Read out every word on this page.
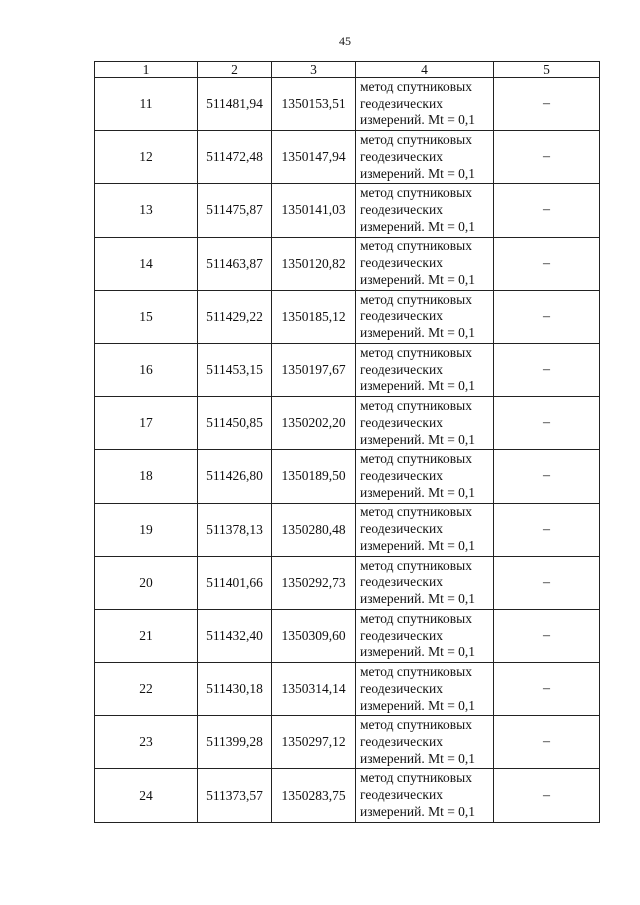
45
1	2	3	4	5
11	511481,94	1350153,51	метод спутниковых
геодезических
измерений. Mt = 0,1	–
12	511472,48	1350147,94	метод спутниковых
геодезических
измерений. Mt = 0,1	–
13	511475,87	1350141,03	метод спутниковых
геодезических
измерений. Mt = 0,1	–
14	511463,87	1350120,82	метод спутниковых
геодезических
измерений. Mt = 0,1	–
15	511429,22	1350185,12	метод спутниковых
геодезических
измерений. Mt = 0,1	–
16	511453,15	1350197,67	метод спутниковых
геодезических
измерений. Mt = 0,1	–
17	511450,85	1350202,20	метод спутниковых
геодезических
измерений. Mt = 0,1	–
18	511426,80	1350189,50	метод спутниковых
геодезических
измерений. Mt = 0,1	–
19	511378,13	1350280,48	метод спутниковых
геодезических
измерений. Mt = 0,1	–
20	511401,66	1350292,73	метод спутниковых
геодезических
измерений. Mt = 0,1	–
21	511432,40	1350309,60	метод спутниковых
геодезических
измерений. Mt = 0,1	–
22	511430,18	1350314,14	метод спутниковых
геодезических
измерений. Mt = 0,1	–
23	511399,28	1350297,12	метод спутниковых
геодезических
измерений. Mt = 0,1	–
24	511373,57	1350283,75	метод спутниковых
геодезических
измерений. Mt = 0,1	–
